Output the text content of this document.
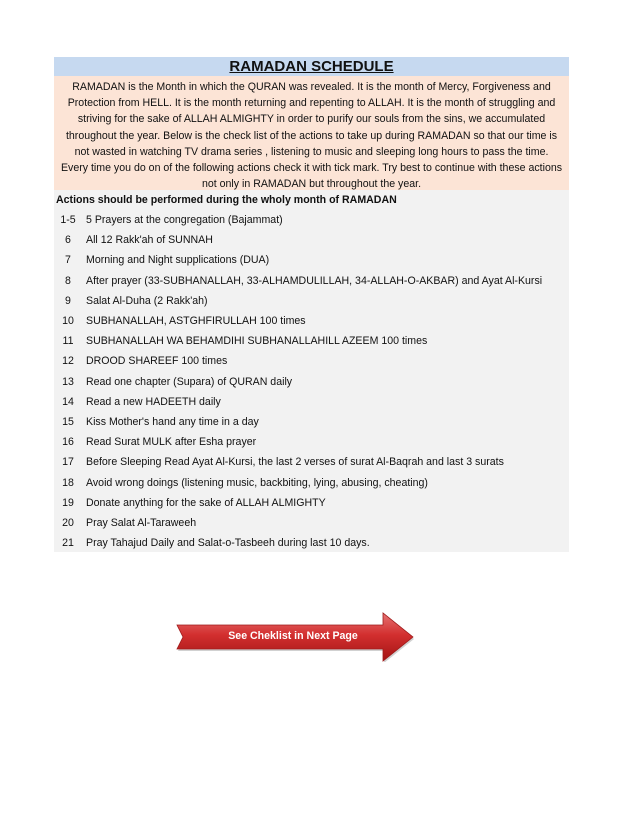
RAMADAN SCHEDULE
RAMADAN is the Month in which the QURAN was revealed. It is the month of Mercy, Forgiveness and Protection from HELL. It is the month returning and repenting to ALLAH. It is the month of struggling and striving for the sake of ALLAH ALMIGHTY in order to purify our souls from the sins, we accumulated throughout the year. Below is the check list of the actions to take up during RAMADAN so that our time is not wasted in watching TV drama series , listening to music and sleeping long hours to pass the time. Every time you do on of the following actions check it with tick mark. Try best to continue with these actions not only in RAMADAN but throughout the year.
Actions should be performed during the wholy month of RAMADAN
1-5 5 Prayers at the congregation (Bajammat)
6	All 12 Rakk'ah of SUNNAH
7	Morning and Night supplications (DUA)
8	After prayer (33-SUBHANALLAH, 33-ALHAMDULILLAH, 34-ALLAH-O-AKBAR) and Ayat Al-Kursi
9	Salat Al-Duha (2 Rakk'ah)
10	SUBHANALLAH, ASTGHFIRULLAH 100 times
11	SUBHANALLAH WA BEHAMDIHI SUBHANALLAHILL AZEEM 100 times
12	DROOD SHAREEF 100 times
13	Read one chapter (Supara) of QURAN daily
14	Read a new HADEETH daily
15	Kiss Mother's hand any time in a day
16	Read Surat MULK after Esha prayer
17	Before Sleeping Read Ayat Al-Kursi, the last 2 verses of surat Al-Baqrah and last 3 surats
18	Avoid wrong doings (listening music, backbiting, lying, abusing, cheating)
19	Donate anything for the sake of ALLAH ALMIGHTY
20	Pray Salat Al-Taraweeh
21	Pray Tahajud Daily and Salat-o-Tasbeeh during last 10 days.
See Cheklist in Next Page
